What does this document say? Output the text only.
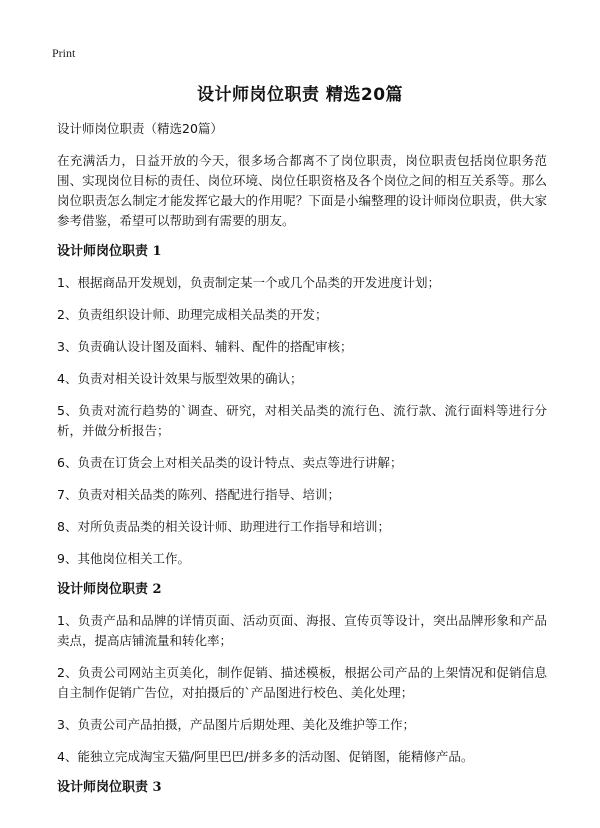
Print
设计师岗位职责 精选20篇

设计师岗位职责（精选20篇）

在充满活力，日益开放的今天，很多场合都离不了岗位职责，岗位职责包括岗位职务范围、实现岗位目标的责任、岗位环境、岗位任职资格及各个岗位之间的相互关系等。那么岗位职责怎么制定才能发挥它最大的作用呢？下面是小编整理的设计师岗位职责，供大家参考借鉴，希望可以帮助到有需要的朋友。

设计师岗位职责 1

1、根据商品开发规划，负责制定某一个或几个品类的开发进度计划；

2、负责组织设计师、助理完成相关品类的开发；

3、负责确认设计图及面料、辅料、配件的搭配审核；

4、负责对相关设计效果与版型效果的确认；

5、负责对流行趋势的`调查、研究，对相关品类的流行色、流行款、流行面料等进行分析，并做分析报告；

6、负责在订货会上对相关品类的设计特点、卖点等进行讲解；

7、负责对相关品类的陈列、搭配进行指导、培训；

8、对所负责品类的相关设计师、助理进行工作指导和培训；

9、其他岗位相关工作。

设计师岗位职责 2

1、负责产品和品牌的详情页面、活动页面、海报、宣传页等设计，突出品牌形象和产品卖点，提高店铺流量和转化率；

2、负责公司网站主页美化，制作促销、描述模板，根据公司产品的上架情况和促销信息自主制作促销广告位，对拍摄后的`产品图进行校色、美化处理；

3、负责公司产品拍摄，产品图片后期处理、美化及维护等工作；

4、能独立完成淘宝天猫/阿里巴巴/拼多多的活动图、促销图，能精修产品。

设计师岗位职责 3
